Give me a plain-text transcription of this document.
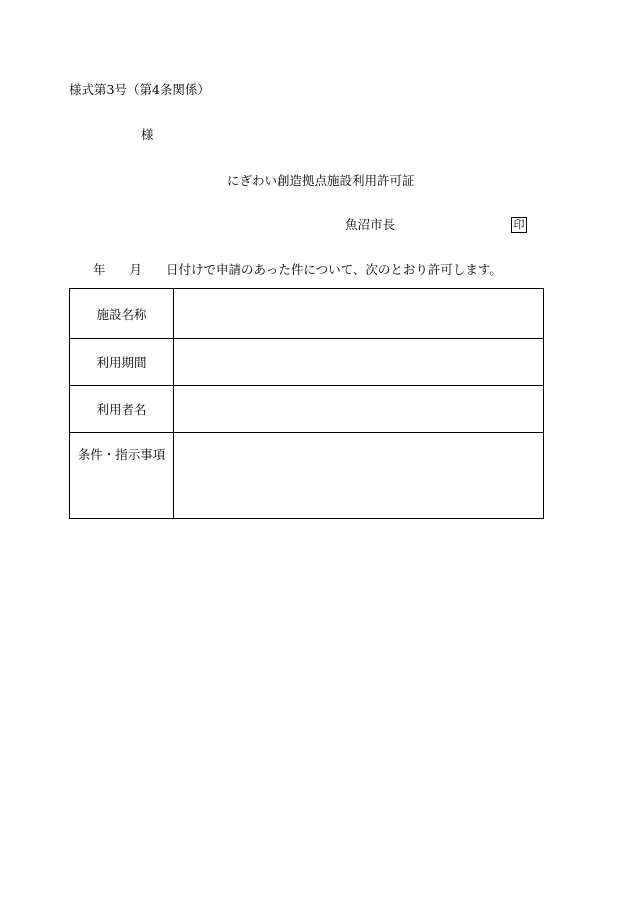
様式第3号（第4条関係）
様
にぎわい創造拠点施設利用許可証
魚沼市長	印
年 月 日付けで申請のあった件について、次のとおり許可します。
施設名称	
利用期間	
利用者名	
条件・指示事項	
